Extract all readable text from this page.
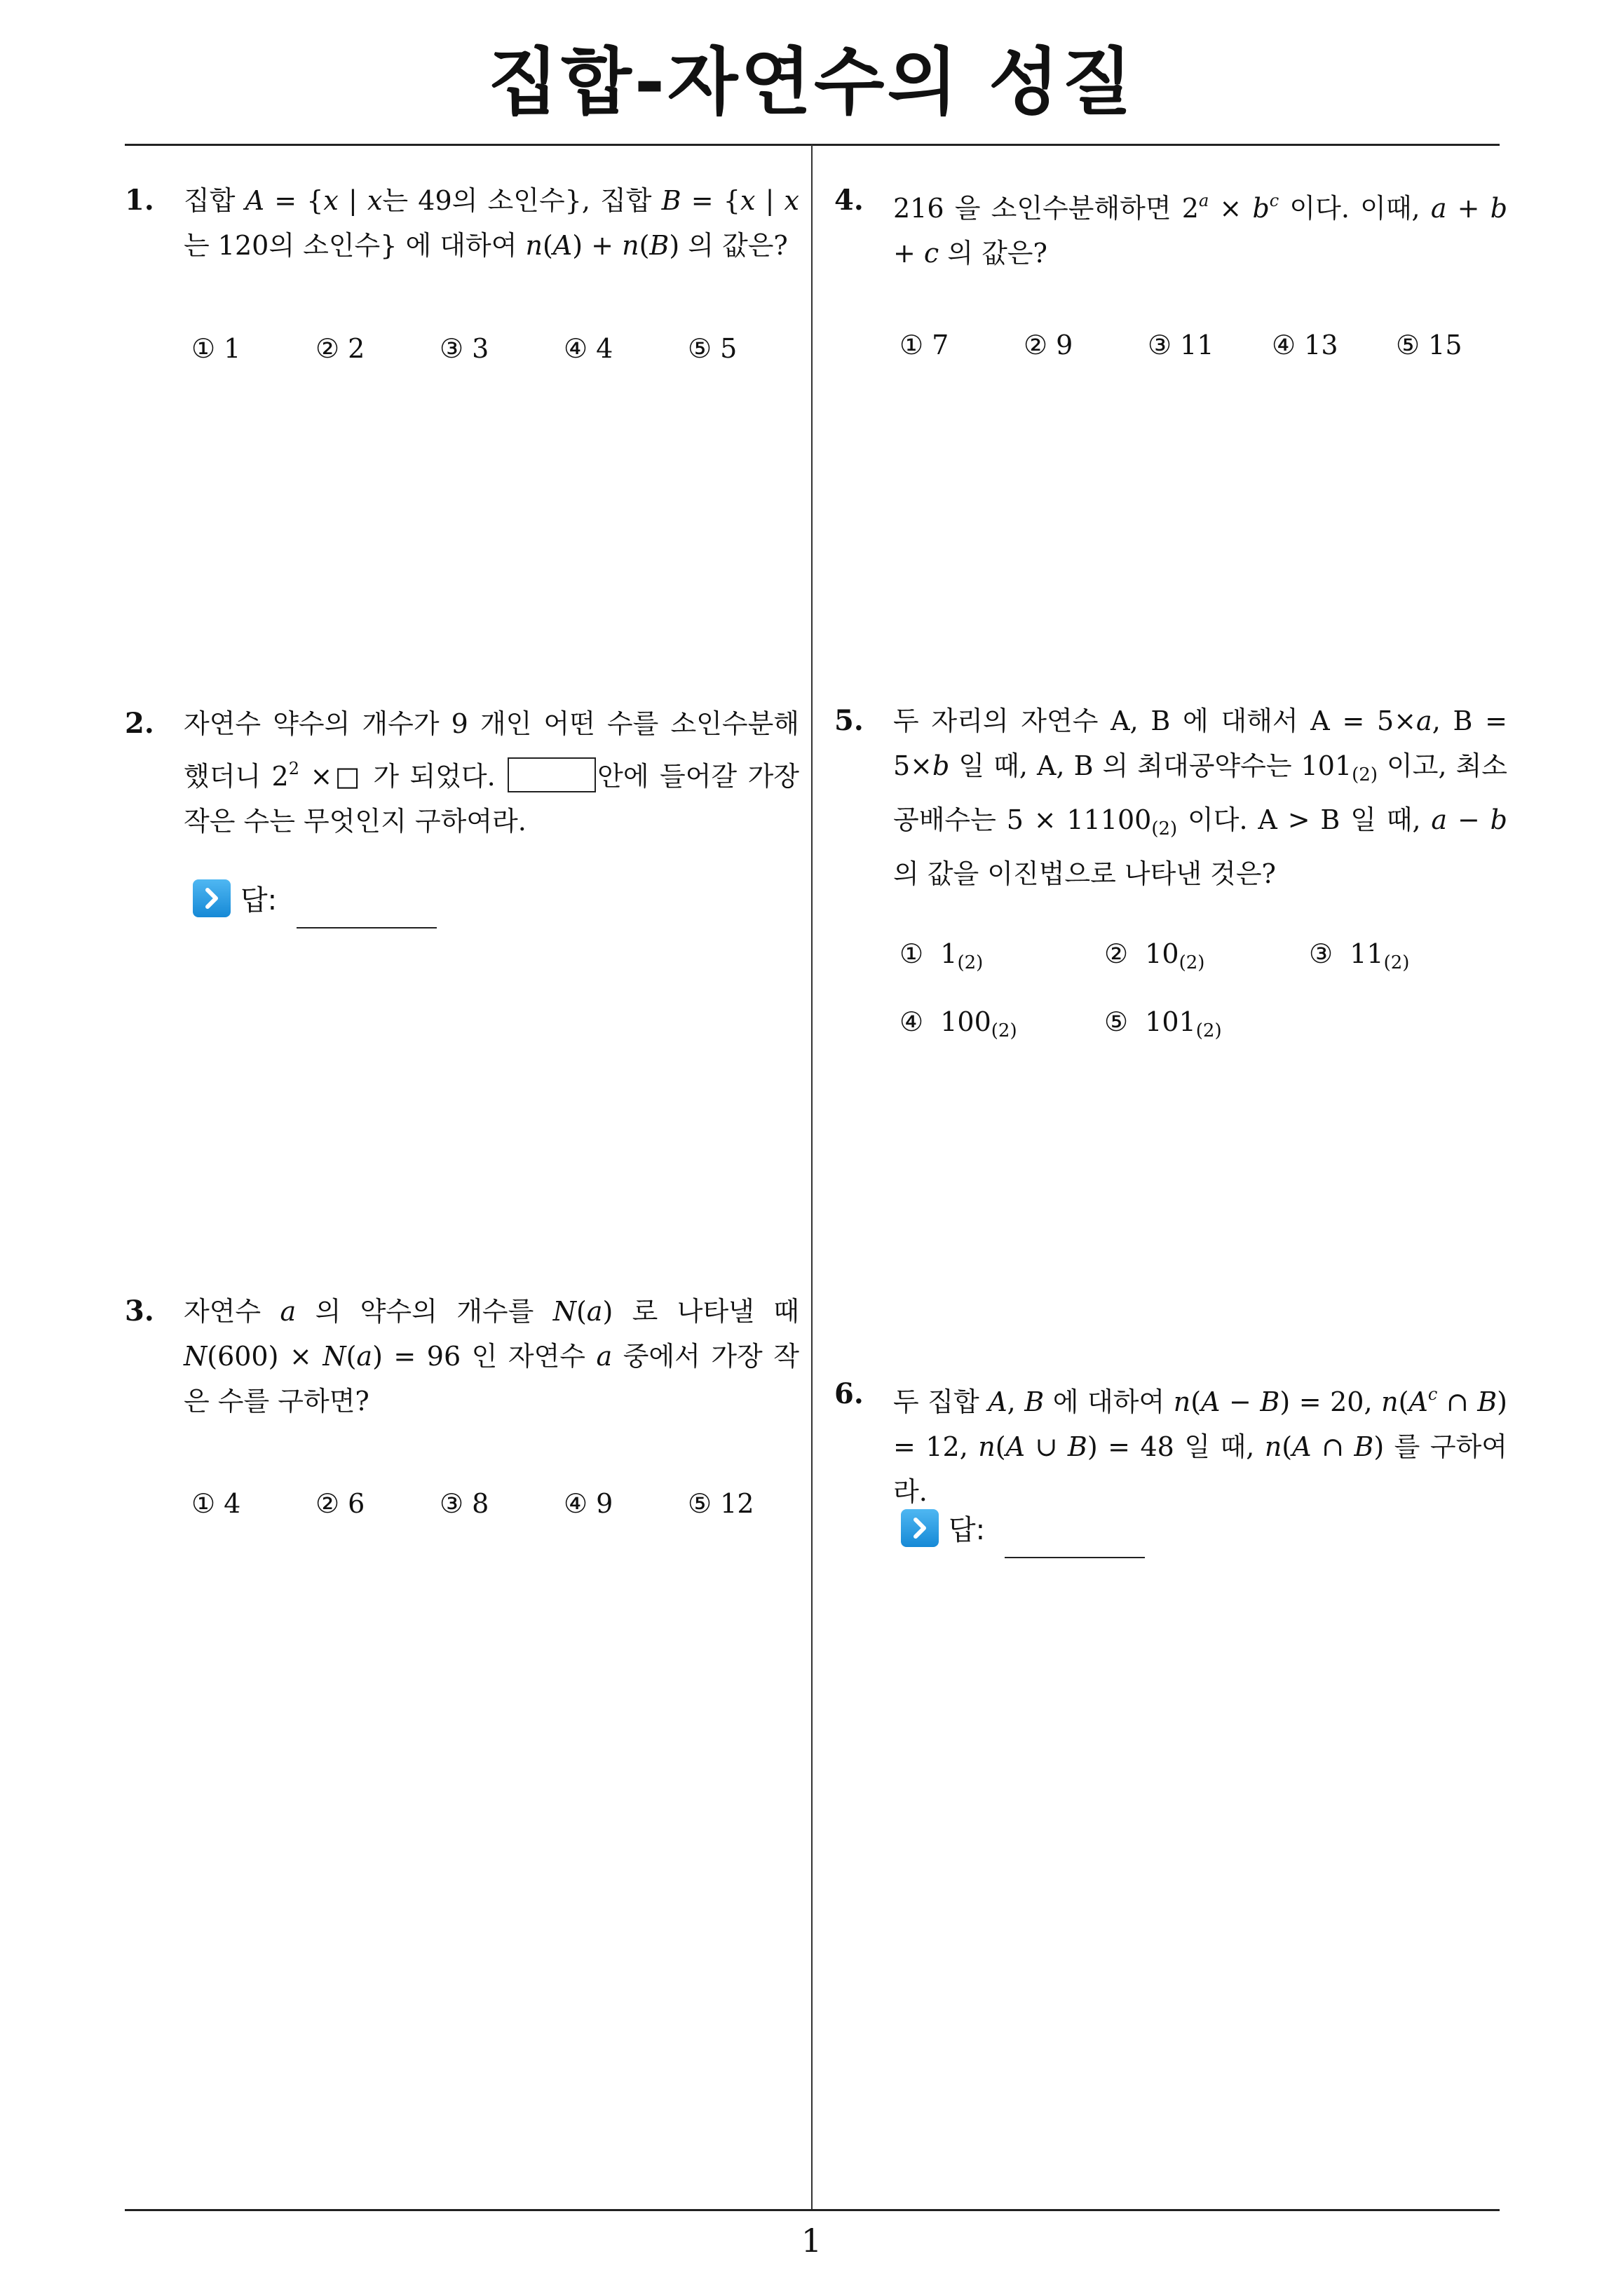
집합-자연수의 성질
1. 집합 A = {x | x는 49의 소인수}, 집합 B = {x | x는 120의 소인수} 에 대하여 n(A) + n(B) 의 값은?
① 1	② 2	③ 3	④ 4	⑤ 5
2. 자연수 약수의 개수가 9 개인 어떤 수를 소인수분해했더니 $2^2$ ×□ 가 되었다.	안에 들어갈 가장 작은 수는 무엇인지 구하여라.
답:
3. 자연수 a 의 약수의 개수를 N(a) 로 나타낼 때 N(600) × N(a) = 96 인 자연수 a 중에서 가장 작은 수를 구하면?
① 4	② 6	③ 8	④ 9	⑤ 12
4. 216 을 소인수분해하면 $2^a \times b^c$ 이다. 이때, a + b + c 의 값은?
① 7	② 9	③ 11 ④ 13 ⑤ 15
5. 두 자리의 자연수 A, B 에 대해서 A = 5×a, B = 5×b 일 때, A, B 의 최대공약수는 $101_{(2)}$ 이고, 최소공배수는 $5 \times 11100_{(2)}$ 이다. A > B 일 때, a − b 의 값을 이진법으로 나타낸 것은?
① $1_{(2)}$	② $10_{(2)}$	③ $11_{(2)}$
④ $100_{(2)}$	⑤ $101_{(2)}$
6. 두 집합 A, B 에 대하여 n(A − B) = 20, $n(A^c$ ∩ B) = 12, n(A ∪ B) = 48 일 때, n(A ∩ B) 를 구하여라.
답:
1
